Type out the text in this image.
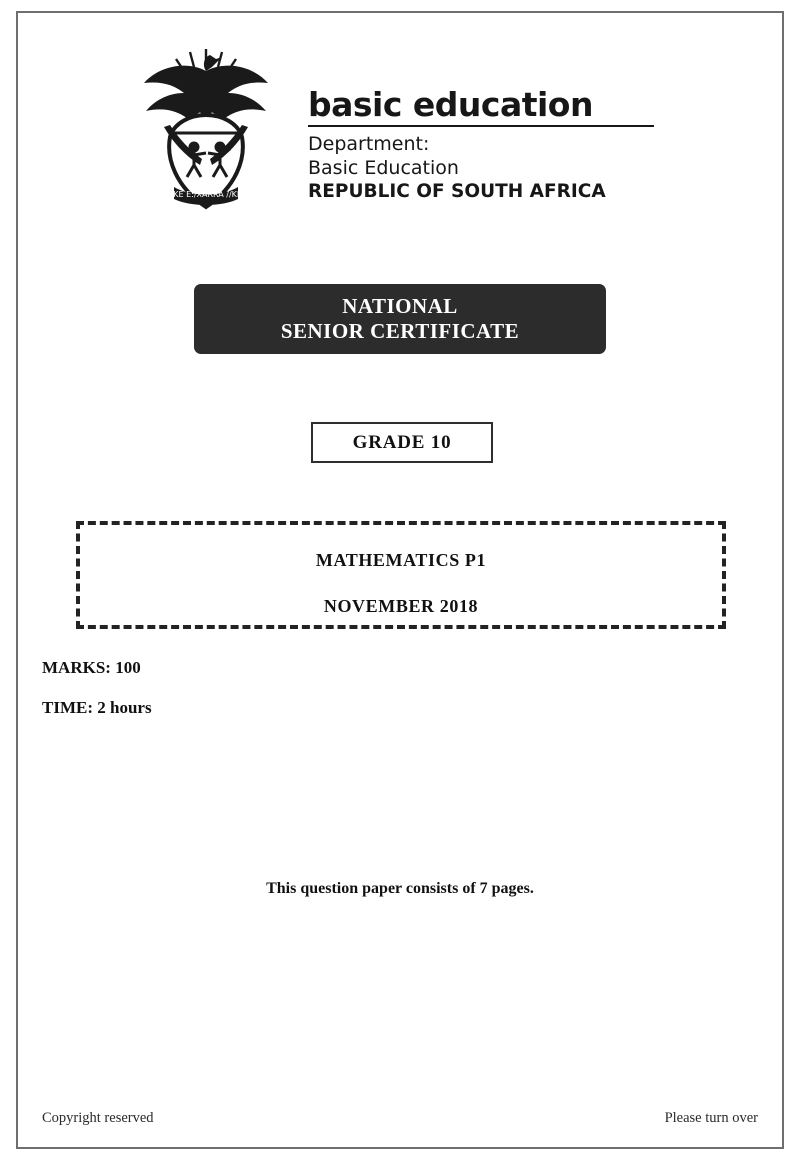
!KE E:/XARRA //KE
basic education
Department:
Basic Education
REPUBLIC OF SOUTH AFRICA
NATIONAL
SENIOR CERTIFICATE
GRADE 10
MATHEMATICS P1
NOVEMBER 2018
MARKS: 100
TIME: 2 hours
This question paper consists of 7 pages.
Copyright reserved	Please turn over
